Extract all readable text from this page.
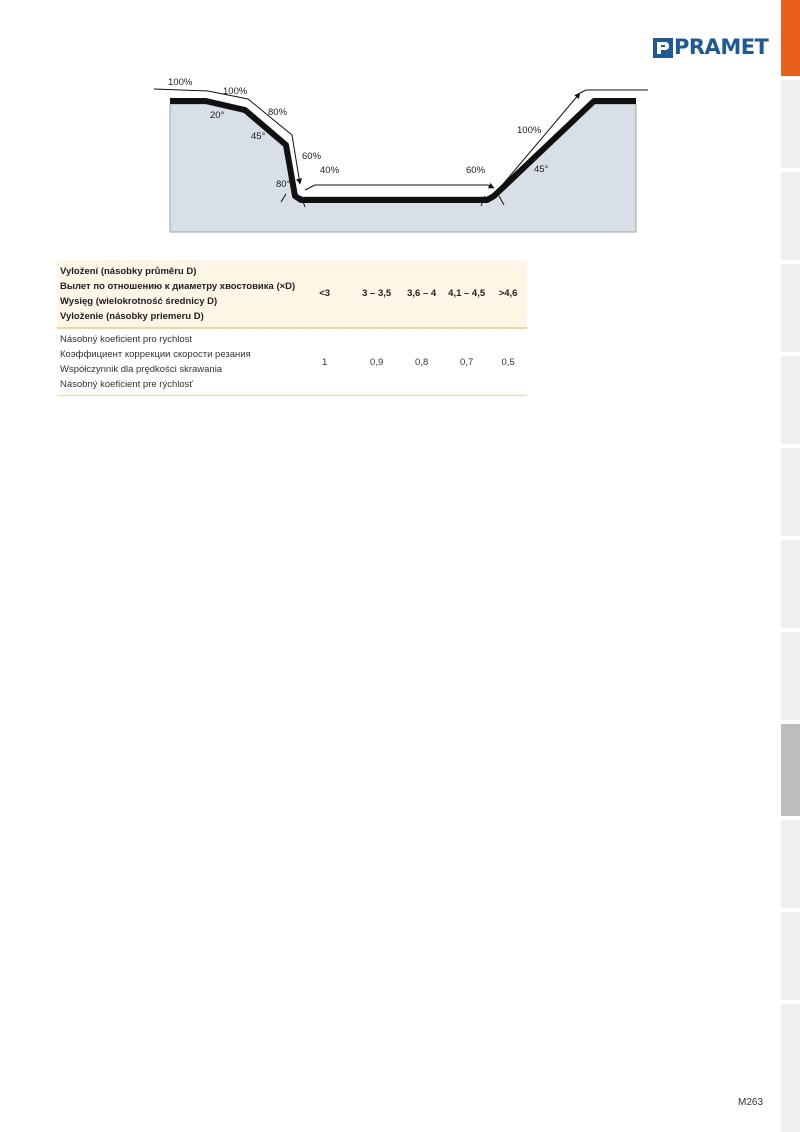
PRAMET
100%
100%
80%
60%
40%	60%
100%
20°
45°
80°
45°
Vyložení (násobky průměru D)
Вылет по отношению к диаметру хвостовика (×D)
Wysięg (wielokrotność średnicy D)
Vyloženie (násobky priemeru D)	<3	3 – 3,5	3,6 – 4	4,1 – 4,5	>4,6

Násobný koeficient pro rychlost
Коэффициент коррекции скорости резания
Współczynnik dla prędkości skrawania
Násobný koeficient pre rýchlosť	1	0,9	0,8	0,7	0,5

M263
